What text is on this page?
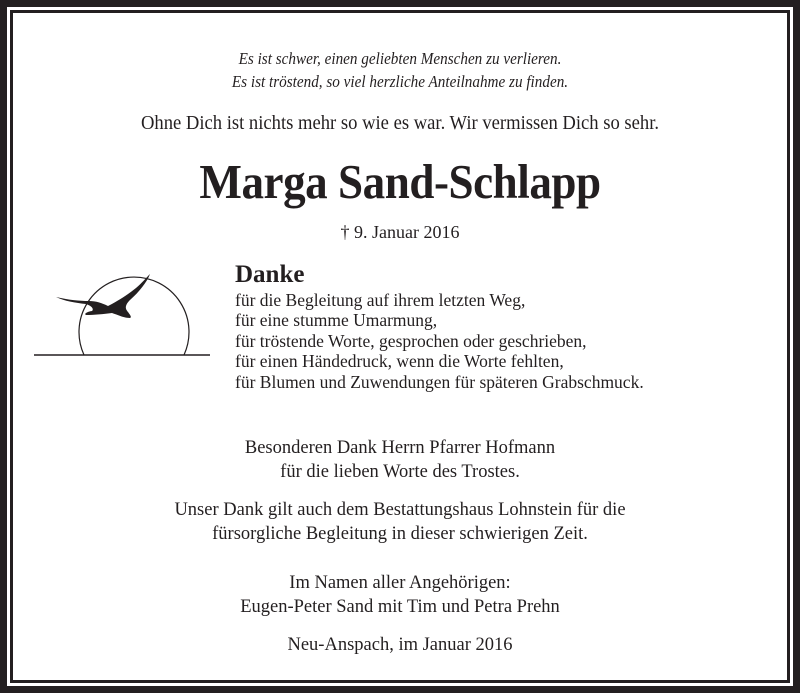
Es ist schwer, einen geliebten Menschen zu verlieren.
Es ist tröstend, so viel herzliche Anteilnahme zu finden.
Ohne Dich ist nichts mehr so wie es war. Wir vermissen Dich so sehr.
Marga Sand-Schlapp
† 9. Januar 2016
Danke
für die Begleitung auf ihrem letzten Weg,
für eine stumme Umarmung,
für tröstende Worte, gesprochen oder geschrieben,
für einen Händedruck, wenn die Worte fehlten,
für Blumen und Zuwendungen für späteren Grabschmuck.
Besonderen Dank Herrn Pfarrer Hofmann
für die lieben Worte des Trostes.
Unser Dank gilt auch dem Bestattungshaus Lohnstein für die
fürsorgliche Begleitung in dieser schwierigen Zeit.
Im Namen aller Angehörigen:
Eugen-Peter Sand mit Tim und Petra Prehn
Neu-Anspach, im Januar 2016
